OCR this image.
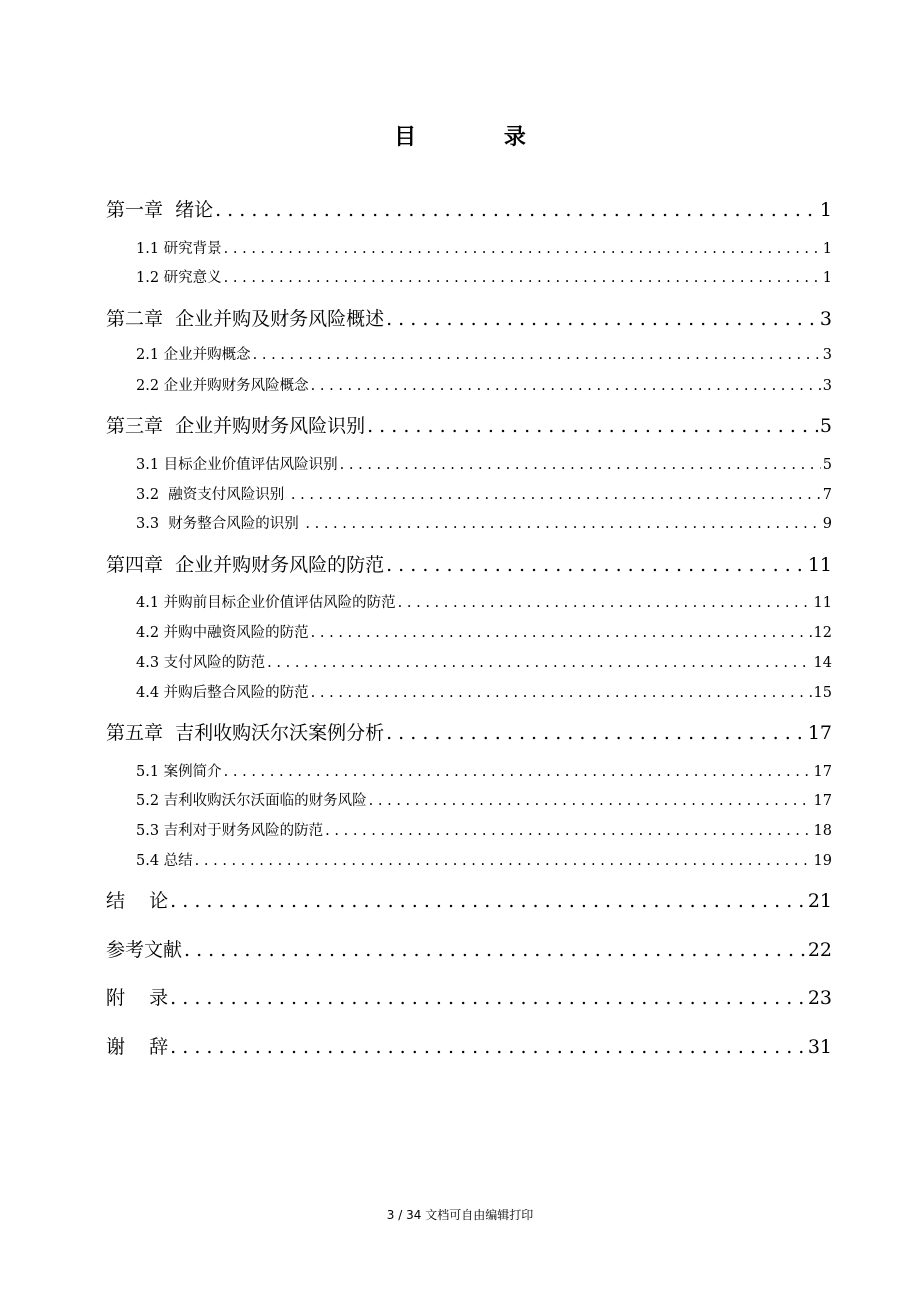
目 录
第一章  绪论 . . .	1
1.1 研究背景 . . .	1
1.2 研究意义 . . .	1
第二章  企业并购及财务风险概述 . . .	3
2.1 企业并购概念 . . .	3
2.2 企业并购财务风险概念 . . .	3
第三章  企业并购财务风险识别 . . .	5
3.1 目标企业价值评估风险识别 . . .	5
3.2  融资支付风险识别 . . .	7
3.3  财务整合风险的识别 . . .	9
第四章  企业并购财务风险的防范 . . .	11
4.1 并购前目标企业价值评估风险的防范 . . .	11
4.2 并购中融资风险的防范 . . .	12
4.3 支付风险的防范 . . .	14
4.4 并购后整合风险的防范 . . .	15
第五章  吉利收购沃尔沃案例分析 . . .	17
5.1 案例简介 . . .	17
5.2 吉利收购沃尔沃面临的财务风险 . . .	17
5.3 吉利对于财务风险的防范 . . .	18
5.4 总结 . . .	19
结    论 . . .	21
参考文献 . . .	22
附    录 . . .	23
谢    辞 . . .	31
3 / 34 文档可自由编辑打印
